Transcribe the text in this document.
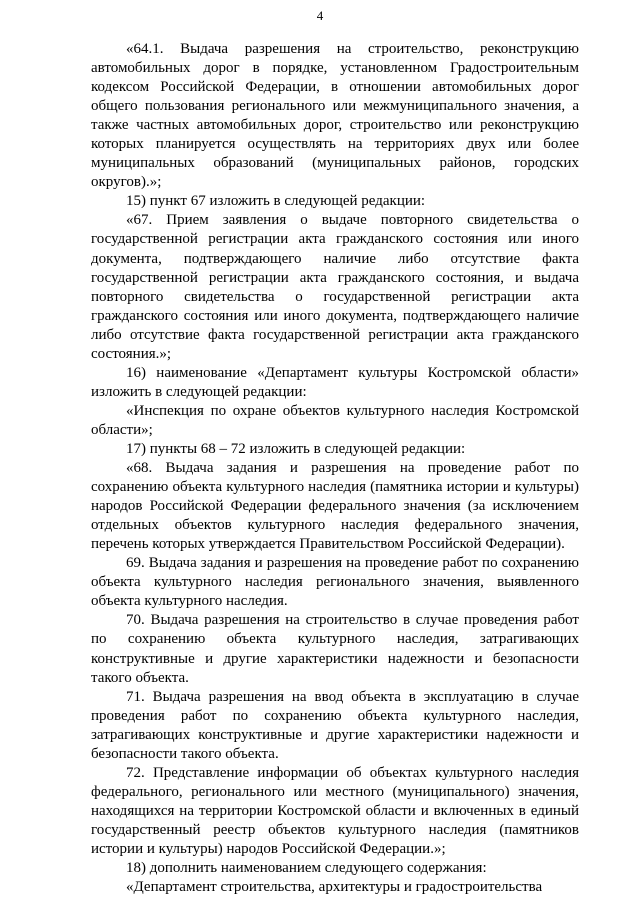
4

«64.1. Выдача разрешения на строительство, реконструкцию автомобильных дорог в порядке, установленном Градостроительным кодексом Российской Федерации, в отношении автомобильных дорог общего пользования регионального или межмуниципального значения, а также частных автомобильных дорог, строительство или реконструкцию которых планируется осуществлять на территориях двух или более муниципальных образований (муниципальных районов, городских округов).»;

15) пункт 67 изложить в следующей редакции:

«67. Прием заявления о выдаче повторного свидетельства о государственной регистрации акта гражданского состояния или иного документа, подтверждающего наличие либо отсутствие факта государственной регистрации акта гражданского состояния, и выдача повторного свидетельства о государственной регистрации акта гражданского состояния или иного документа, подтверждающего наличие либо отсутствие факта государственной регистрации акта гражданского состояния.»;

16) наименование «Департамент культуры Костромской области» изложить в следующей редакции:

«Инспекция по охране объектов культурного наследия Костромской области»;

17) пункты 68 – 72 изложить в следующей редакции:

«68. Выдача задания и разрешения на проведение работ по сохранению объекта культурного наследия (памятника истории и культуры) народов Российской Федерации федерального значения (за исключением отдельных объектов культурного наследия федерального значения, перечень которых утверждается Правительством Российской Федерации).

69. Выдача задания и разрешения на проведение работ по сохранению объекта культурного наследия регионального значения, выявленного объекта культурного наследия.

70. Выдача разрешения на строительство в случае проведения работ по сохранению объекта культурного наследия, затрагивающих конструктивные и другие характеристики надежности и безопасности такого объекта.

71. Выдача разрешения на ввод объекта в эксплуатацию в случае проведения работ по сохранению объекта культурного наследия, затрагивающих конструктивные и другие характеристики надежности и безопасности такого объекта.

72. Представление информации об объектах культурного наследия федерального, регионального или местного (муниципального) значения, находящихся на территории Костромской области и включенных в единый государственный реестр объектов культурного наследия (памятников истории и культуры) народов Российской Федерации.»;

18) дополнить наименованием следующего содержания:

«Департамент строительства, архитектуры и градостроительства
